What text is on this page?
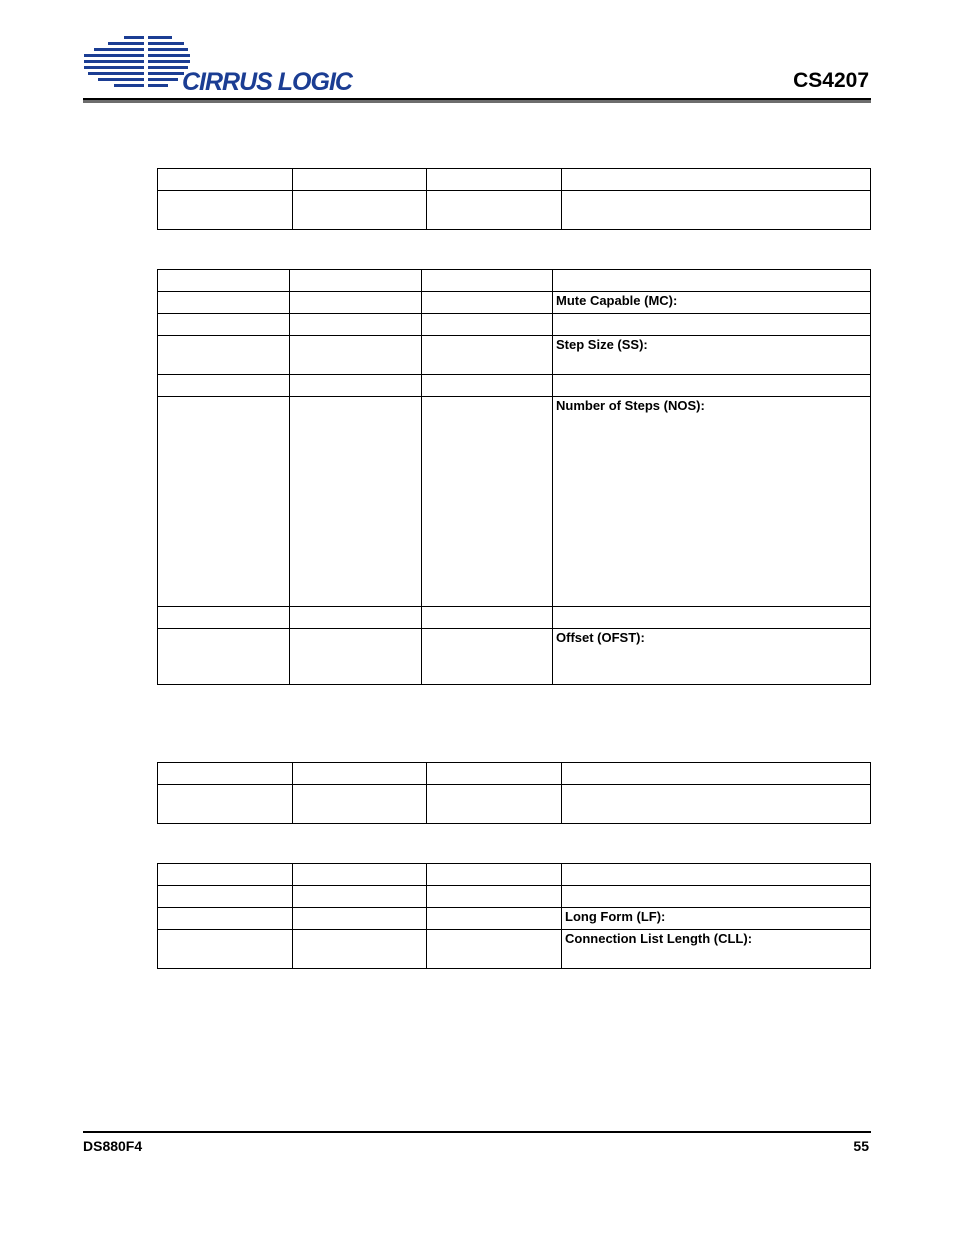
CIRRUS LOGIC	CS4207

			Mute Capable (MC):

			Step Size (SS):

			Number of Steps (NOS):

			Offset (OFST):

			Long Form (LF):

			Connection List Length (CLL):
DS880F4	55
